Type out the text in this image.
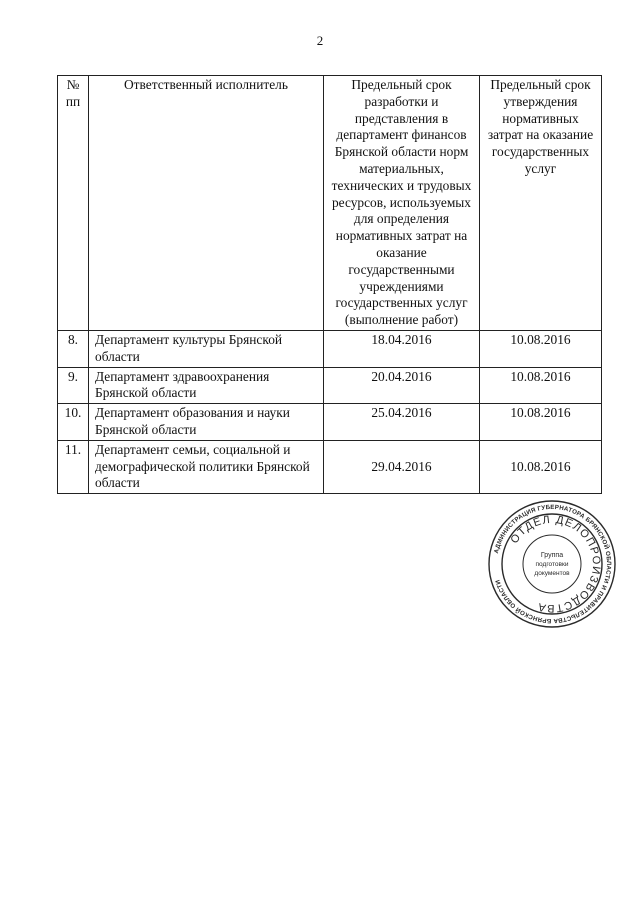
2
№ пп	Ответственный исполнитель	Предельный срок разработки и представления в департамент финансов Брянской области норм материальных, технических и трудовых ресурсов, используемых для определения нормативных затрат на оказание государственными учреждениями государственных услуг (выполнение работ)	Предельный срок утверждения нормативных затрат на оказание государственных услуг
8.	Департамент культуры Брянской области	18.04.2016	10.08.2016
9.	Департамент здравоохранения Брянской области	20.04.2016	10.08.2016
10.	Департамент образования и науки Брянской области	25.04.2016	10.08.2016
11.	Департамент семьи, социальной и демографической политики Брянской области	29.04.2016	10.08.2016
АДМИНИСТРАЦИЯ ГУБЕРНАТОРА БРЯНСКОЙ ОБЛАСТИ И ПРАВИТЕЛЬСТВА БРЯНСКОЙ ОБЛАСТИ
ОТДЕЛ ДЕЛОПРОИЗВОДСТВА
Группа
подготовки
документов
